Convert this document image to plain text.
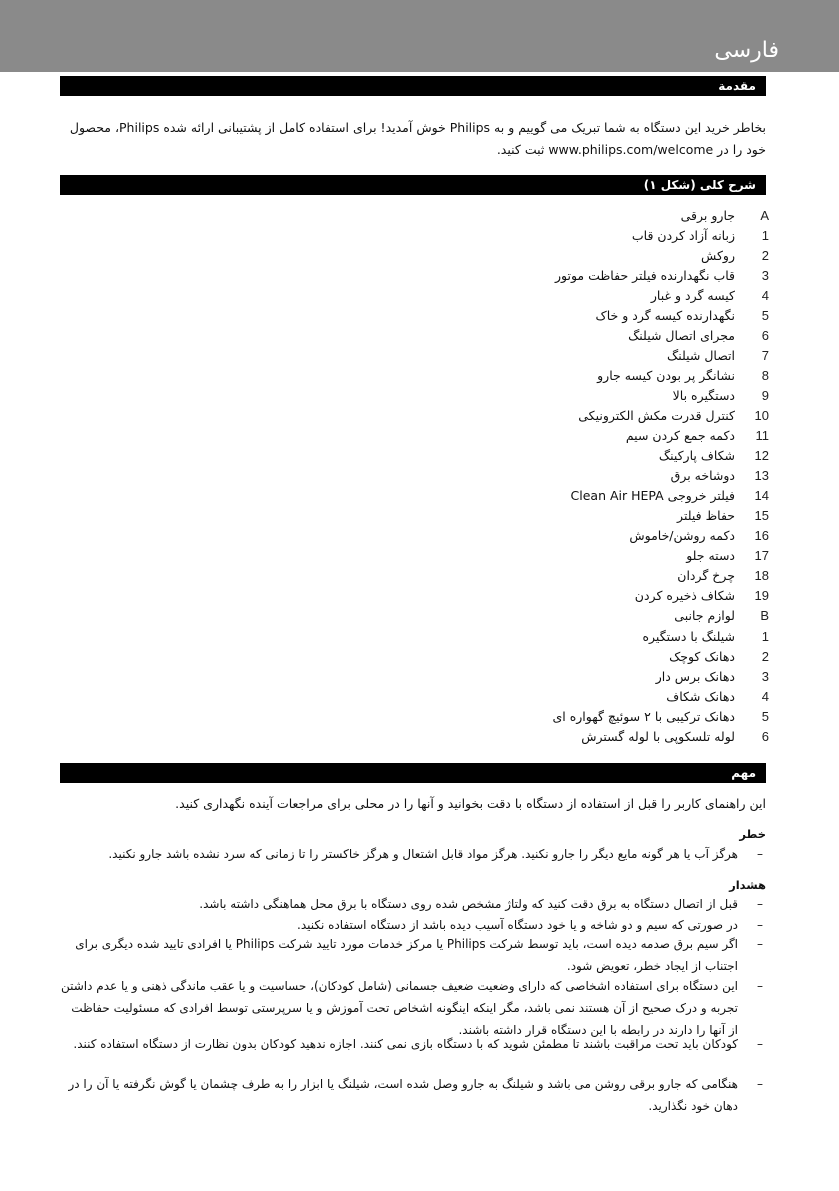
فارسی
مقدمة
بخاطر خرید این دستگاه به شما تبریک می گوییم و به Philips خوش آمدید! برای استفاده کامل از پشتیبانی ارائه شده Philips، محصول خود را در www.philips.com/welcome ثبت کنید.
شرح کلی (شکل ۱)
A
جارو برقی
1
زبانه آزاد کردن قاب
2
روکش
3
قاب نگهدارنده فیلتر حفاظت موتور
4
کیسه گرد و غبار
5
نگهدارنده کیسه گرد و خاک
6
مجرای اتصال شیلنگ
7
اتصال شیلنگ
8
نشانگر پر بودن کیسه جارو
9
دستگیره بالا
10
کنترل قدرت مکش الکترونیکی
11
دکمه جمع کردن سیم
12
شکاف پارکینگ
13
دوشاخه برق
14
فیلتر خروجی Clean Air HEPA
15
حفاظ فیلتر
16
دکمه روشن/خاموش
17
دسته جلو
18
چرخ گردان
19
شکاف ذخیره کردن
B
لوازم جانبی
1
شیلنگ با دستگیره
2
دهانک کوچک
3
دهانک برس دار
4
دهانک شکاف
5
دهانک ترکیبی با ۲ سوئیچ گهواره ای
6
لوله تلسکوپی با لوله گسترش
مهم
این راهنمای کاربر را قبل از استفاده از دستگاه با دقت بخوانید و آنها را در محلی برای مراجعات آینده نگهداری کنید.
خطر
–
هرگز آب یا هر گونه مایع دیگر را جارو نکنید. هرگز مواد قابل اشتعال و هرگز خاکستر را تا زمانی که سرد نشده باشد جارو نکنید.
هشدار
–
قبل از اتصال دستگاه به برق دقت کنید که ولتاژ مشخص شده روی دستگاه با برق محل هماهنگی داشته باشد.
–
در صورتی که سیم و دو شاخه و یا خود دستگاه آسیب دیده باشد از دستگاه استفاده نکنید.
–
اگر سیم برق صدمه دیده است، باید توسط شرکت Philips یا مرکز خدمات مورد تایید شرکت Philips یا افرادی تایید شده دیگری برای اجتناب از ایجاد خطر، تعویض شود.
–
این دستگاه برای استفاده اشخاصی که دارای وضعیت ضعیف جسمانی (شامل کودکان)، حساسیت و یا عقب ماندگی ذهنی و یا عدم داشتن تجربه و درک صحیح از آن هستند نمی باشد، مگر اینکه اینگونه اشخاص تحت آموزش و یا سرپرستی توسط افرادی که مسئولیت حفاظت از آنها را دارند در رابطه با این دستگاه قرار داشته باشند.
–
کودکان باید تحت مراقبت باشند تا مطمئن شوید که با دستگاه بازی نمی کنند. اجازه ندهید کودکان بدون نظارت از دستگاه استفاده کنند.
–
هنگامی که جارو برقی روشن می باشد و شیلنگ به جارو وصل شده است، شیلنگ یا ابزار را به طرف چشمان یا گوش نگرفته یا آن را در دهان خود نگذارید.
